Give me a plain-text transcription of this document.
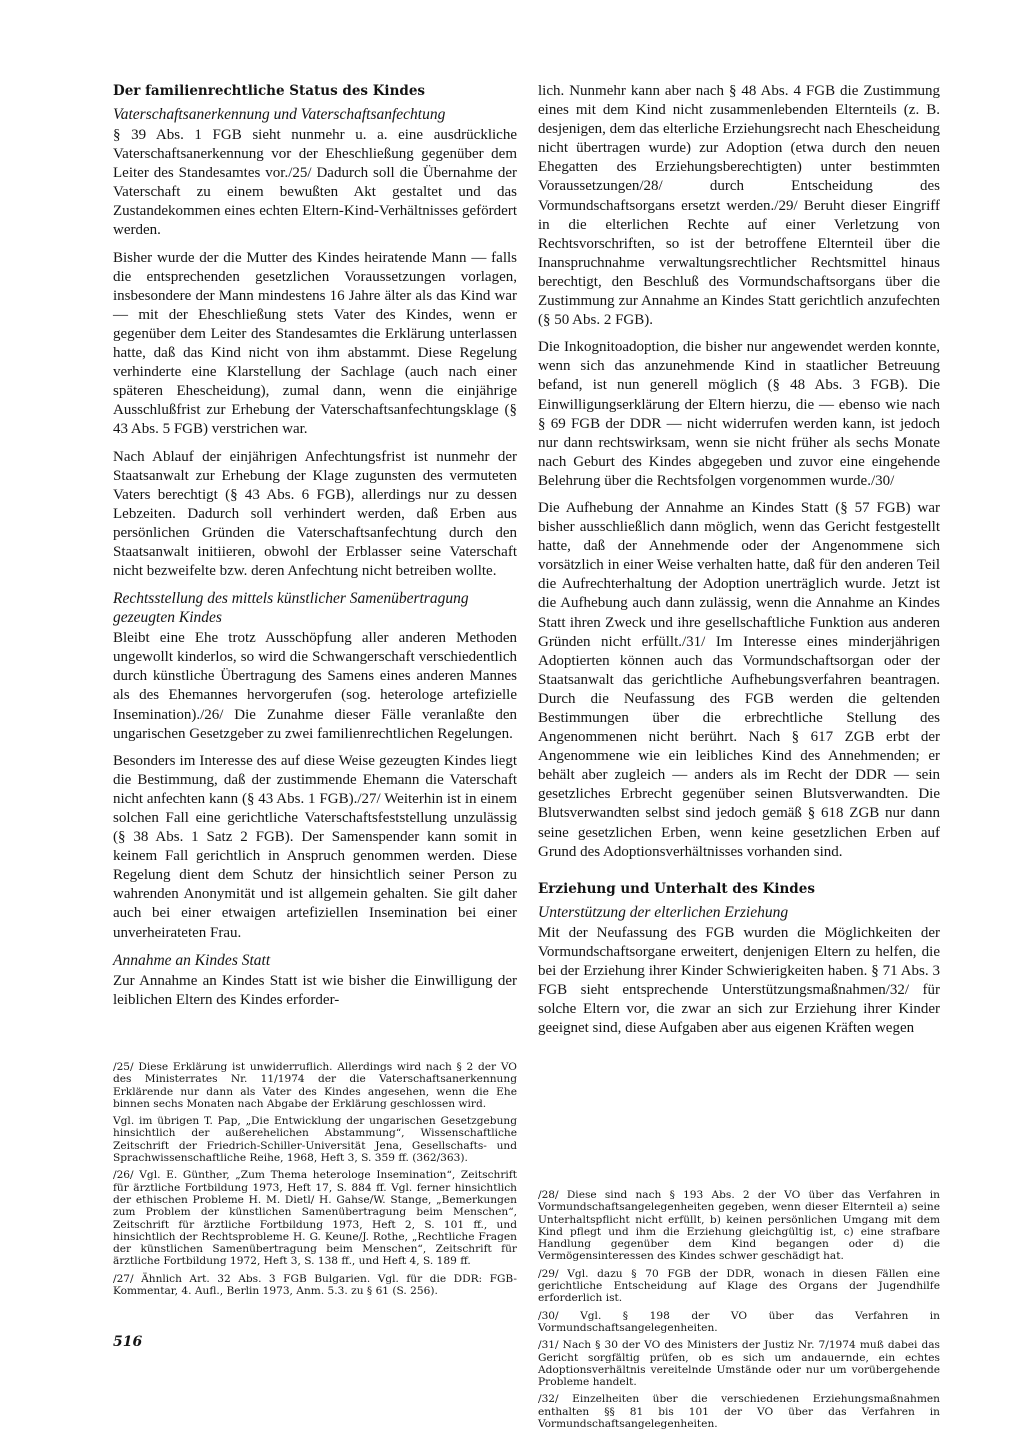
Der familienrechtliche Status des Kindes
Vaterschaftsanerkennung und Vaterschaftsanfechtung

§ 39 Abs. 1 FGB sieht nunmehr u. a. eine ausdrückliche Vaterschaftsanerkennung vor der Eheschließung gegenüber dem Leiter des Standesamtes vor./25/ Dadurch soll die Übernahme der Vaterschaft zu einem bewußten Akt gestaltet und das Zustandekommen eines echten Eltern-Kind-Verhältnisses gefördert werden.

Bisher wurde der die Mutter des Kindes heiratende Mann — falls die entsprechenden gesetzlichen Voraussetzungen vorlagen, insbesondere der Mann mindestens 16 Jahre älter als das Kind war — mit der Eheschließung stets Vater des Kindes, wenn er gegenüber dem Leiter des Standesamtes die Erklärung unterlassen hatte, daß das Kind nicht von ihm abstammt. Diese Regelung verhinderte eine Klarstellung der Sachlage (auch nach einer späteren Ehescheidung), zumal dann, wenn die einjährige Ausschlußfrist zur Erhebung der Vaterschaftsanfechtungsklage (§ 43 Abs. 5 FGB) verstrichen war.

Nach Ablauf der einjährigen Anfechtungsfrist ist nunmehr der Staatsanwalt zur Erhebung der Klage zugunsten des vermuteten Vaters berechtigt (§ 43 Abs. 6 FGB), allerdings nur zu dessen Lebzeiten. Dadurch soll verhindert werden, daß Erben aus persönlichen Gründen die Vaterschaftsanfechtung durch den Staatsanwalt initiieren, obwohl der Erblasser seine Vaterschaft nicht bezweifelte bzw. deren Anfechtung nicht betreiben wollte.

Rechtsstellung des mittels künstlicher Samenübertragung gezeugten Kindes

Bleibt eine Ehe trotz Ausschöpfung aller anderen Methoden ungewollt kinderlos, so wird die Schwangerschaft verschiedentlich durch künstliche Übertragung des Samens eines anderen Mannes als des Ehemannes hervorgerufen (sog. heterologe artefizielle Insemination)./26/ Die Zunahme dieser Fälle veranlaßte den ungarischen Gesetzgeber zu zwei familienrechtlichen Regelungen.

Besonders im Interesse des auf diese Weise gezeugten Kindes liegt die Bestimmung, daß der zustimmende Ehemann die Vaterschaft nicht anfechten kann (§ 43 Abs. 1 FGB)./27/ Weiterhin ist in einem solchen Fall eine gerichtliche Vaterschaftsfeststellung unzulässig (§ 38 Abs. 1 Satz 2 FGB). Der Samenspender kann somit in keinem Fall gerichtlich in Anspruch genommen werden. Diese Regelung dient dem Schutz der hinsichtlich seiner Person zu wahrenden Anonymität und ist allgemein gehalten. Sie gilt daher auch bei einer etwaigen artefiziellen Insemination bei einer unverheirateten Frau.

Annahme an Kindes Statt

Zur Annahme an Kindes Statt ist wie bisher die Einwilligung der leiblichen Eltern des Kindes erforder-

lich. Nunmehr kann aber nach § 48 Abs. 4 FGB die Zustimmung eines mit dem Kind nicht zusammenlebenden Elternteils (z. B. desjenigen, dem das elterliche Erziehungsrecht nach Ehescheidung nicht übertragen wurde) zur Adoption (etwa durch den neuen Ehegatten des Erziehungsberechtigten) unter bestimmten Voraussetzungen/28/ durch Entscheidung des Vormundschaftsorgans ersetzt werden./29/ Beruht dieser Eingriff in die elterlichen Rechte auf einer Verletzung von Rechtsvorschriften, so ist der betroffene Elternteil über die Inanspruchnahme verwaltungsrechtlicher Rechtsmittel hinaus berechtigt, den Beschluß des Vormundschaftsorgans über die Zustimmung zur Annahme an Kindes Statt gerichtlich anzufechten (§ 50 Abs. 2 FGB).

Die Inkognitoadoption, die bisher nur angewendet werden konnte, wenn sich das anzunehmende Kind in staatlicher Betreuung befand, ist nun generell möglich (§ 48 Abs. 3 FGB). Die Einwilligungserklärung der Eltern hierzu, die — ebenso wie nach § 69 FGB der DDR — nicht widerrufen werden kann, ist jedoch nur dann rechtswirksam, wenn sie nicht früher als sechs Monate nach Geburt des Kindes abgegeben und zuvor eine eingehende Belehrung über die Rechtsfolgen vorgenommen wurde./30/

Die Aufhebung der Annahme an Kindes Statt (§ 57 FGB) war bisher ausschließlich dann möglich, wenn das Gericht festgestellt hatte, daß der Annehmende oder der Angenommene sich vorsätzlich in einer Weise verhalten hatte, daß für den anderen Teil die Aufrechterhaltung der Adoption unerträglich wurde. Jetzt ist die Aufhebung auch dann zulässig, wenn die Annahme an Kindes Statt ihren Zweck und ihre gesellschaftliche Funktion aus anderen Gründen nicht erfüllt./31/ Im Interesse eines minderjährigen Adoptierten können auch das Vormundschaftsorgan oder der Staatsanwalt das gerichtliche Aufhebungsverfahren beantragen. Durch die Neufassung des FGB werden die geltenden Bestimmungen über die erbrechtliche Stellung des Angenommenen nicht berührt. Nach § 617 ZGB erbt der Angenommene wie ein leibliches Kind des Annehmenden; er behält aber zugleich — anders als im Recht der DDR — sein gesetzliches Erbrecht gegenüber seinen Blutsverwandten. Die Blutsverwandten selbst sind jedoch gemäß § 618 ZGB nur dann seine gesetzlichen Erben, wenn keine gesetzlichen Erben auf Grund des Adoptionsverhältnisses vorhanden sind.

Erziehung und Unterhalt des Kindes
Unterstützung der elterlichen Erziehung

Mit der Neufassung des FGB wurden die Möglichkeiten der Vormundschaftsorgane erweitert, denjenigen Eltern zu helfen, die bei der Erziehung ihrer Kinder Schwierigkeiten haben. § 71 Abs. 3 FGB sieht entsprechende Unterstützungsmaßnahmen/32/ für solche Eltern vor, die zwar an sich zur Erziehung ihrer Kinder geeignet sind, diese Aufgaben aber aus eigenen Kräften wegen

/25/ Diese Erklärung ist unwiderruflich. Allerdings wird nach § 2 der VO des Ministerrates Nr. 11/1974 der die Vaterschaftsanerkennung Erklärende nur dann als Vater des Kindes angesehen, wenn die Ehe binnen sechs Monaten nach Abgabe der Erklärung geschlossen wird.

Vgl. im übrigen T. Pap, „Die Entwicklung der ungarischen Gesetzgebung hinsichtlich der außerehelichen Abstammung“, Wissenschaftliche Zeitschrift der Friedrich-Schiller-Universität Jena, Gesellschafts- und Sprachwissenschaftliche Reihe, 1968, Heft 3, S. 359 ff. (362/363).

/26/ Vgl. E. Günther, „Zum Thema heterologe Insemination“, Zeitschrift für ärztliche Fortbildung 1973, Heft 17, S. 884 ff. Vgl. ferner hinsichtlich der ethischen Probleme H. M. Dietl/ H. Gahse/W. Stange, „Bemerkungen zum Problem der künstlichen Samenübertragung beim Menschen“, Zeitschrift für ärztliche Fortbildung 1973, Heft 2, S. 101 ff., und hinsichtlich der Rechtsprobleme H. G. Keune/J. Rothe, „Rechtliche Fragen der künstlichen Samenübertragung beim Menschen“, Zeitschrift für ärztliche Fortbildung 1972, Heft 3, S. 138 ff., und Heft 4, S. 189 ff.

/27/ Ähnlich Art. 32 Abs. 3 FGB Bulgarien. Vgl. für die DDR: FGB-Kommentar, 4. Aufl., Berlin 1973, Anm. 5.3. zu § 61 (S. 256).

/28/ Diese sind nach § 193 Abs. 2 der VO über das Verfahren in Vormundschaftsangelegenheiten gegeben, wenn dieser Elternteil a) seine Unterhaltspflicht nicht erfüllt, b) keinen persönlichen Umgang mit dem Kind pflegt und ihm die Erziehung gleichgültig ist, c) eine strafbare Handlung gegenüber dem Kind begangen oder d) die Vermögensinteressen des Kindes schwer geschädigt hat.

/29/ Vgl. dazu § 70 FGB der DDR, wonach in diesen Fällen eine gerichtliche Entscheidung auf Klage des Organs der Jugendhilfe erforderlich ist.

/30/ Vgl. § 198 der VO über das Verfahren in Vormundschaftsangelegenheiten.

/31/ Nach § 30 der VO des Ministers der Justiz Nr. 7/1974 muß dabei das Gericht sorgfältig prüfen, ob es sich um andauernde, ein echtes Adoptionsverhältnis vereitelnde Umstände oder nur um vorübergehende Probleme handelt.

/32/ Einzelheiten über die verschiedenen Erziehungsmaßnahmen enthalten §§ 81 bis 101 der VO über das Verfahren in Vormundschaftsangelegenheiten.

516
